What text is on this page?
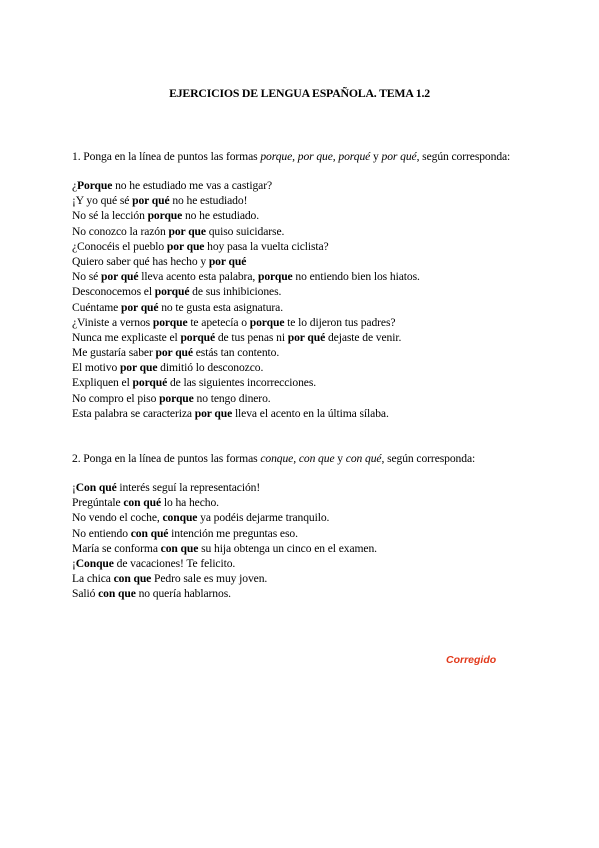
EJERCICIOS DE LENGUA ESPAÑOLA. TEMA 1.2
1. Ponga en la línea de puntos las formas porque, por que, porqué y por qué, según corresponda:
¿Porque no he estudiado me vas a castigar?
¡Y yo qué sé por qué no he estudiado!
No sé la lección porque no he estudiado.
No conozco la razón por que quiso suicidarse.
¿Conocéis el pueblo por que hoy pasa la vuelta ciclista?
Quiero saber qué has hecho y por qué
No sé por qué lleva acento esta palabra, porque no entiendo bien los hiatos.
Desconocemos el porqué de sus inhibiciones.
Cuéntame por qué no te gusta esta asignatura.
¿Viniste a vernos porque te apetecía o porque te lo dijeron tus padres?
Nunca me explicaste el porqué de tus penas ni por qué dejaste de venir.
Me gustaría saber por qué estás tan contento.
El motivo por que dimitió lo desconozco.
Expliquen el porqué de las siguientes incorrecciones.
No compro el piso porque no tengo dinero.
Esta palabra se caracteriza por que lleva el acento en la última sílaba.
2. Ponga en la línea de puntos las formas conque, con que y con qué, según corresponda:
¡Con qué interés seguí la representación!
Pregúntale con qué lo ha hecho.
No vendo el coche, conque ya podéis dejarme tranquilo.
No entiendo con qué intención me preguntas eso.
María se conforma con que su hija obtenga un cinco en el examen.
¡Conque de vacaciones! Te felicito.
La chica con que Pedro sale es muy joven.
Salió con que no quería hablarnos.
Corregido
